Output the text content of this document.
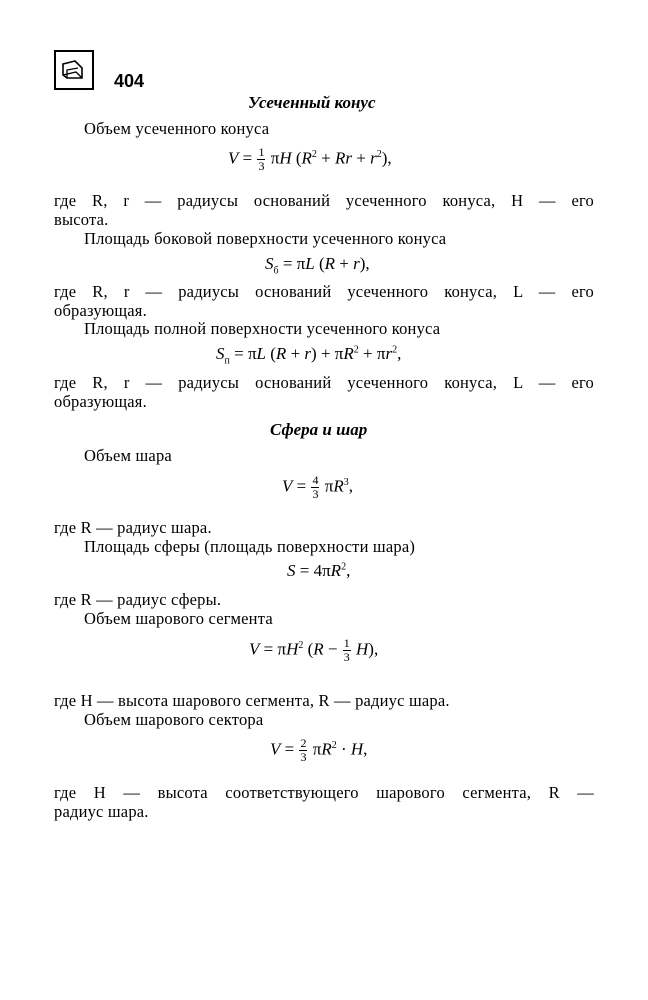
404
Усеченный конус
Объем усеченного конуса
$V = \frac{1}{3}$ πH $(R^2 + Rr + r^2)$,
где R, r — радиусы оснований усеченного конуса, H — его
высота.
Площадь боковой поверхности усеченного конуса
$S_б = \pi L$ (R + r),
где R, r — радиусы оснований усеченного конуса, L — его
образующая.
Площадь полной поверхности усеченного конуса
$S_п = \pi L$ $(R + r) + \pi R^2 + \pi r^2$,
где R, r — радиусы оснований усеченного конуса, L — его
образующая.
Сфера и шар
Объем шара
$V = \frac{4}{3} \pi R^3$,
где R — радиус шара.
Площадь сферы (площадь поверхности шара)
$S = 4\pi R^2$,
где R — радиус сферы.
Объем шарового сегмента
$V = \pi H^2$ $(R - \frac{1}{3} H)$,
где H — высота шарового сегмента, R — радиус шара.
Объем шарового сектора
$V = \frac{2}{3} \pi R^2 \cdot H$,
где H — высота соответствующего шарового сегмента, R —
радиус шара.
